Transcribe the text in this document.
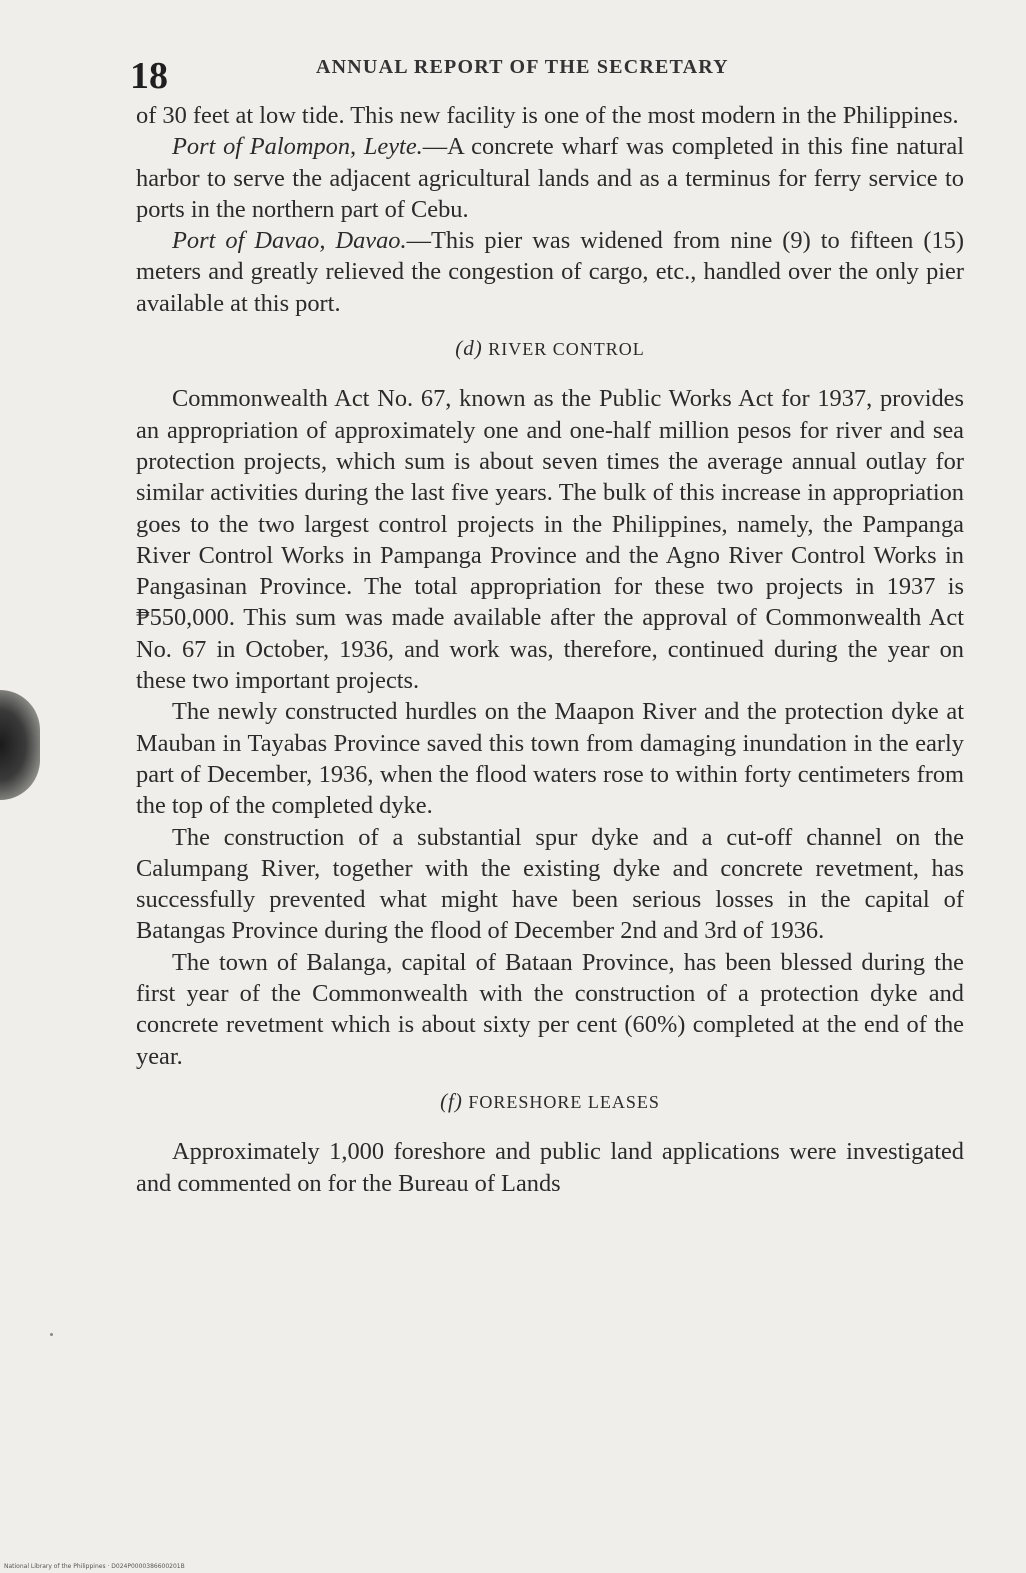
18	ANNUAL REPORT OF THE SECRETARY

of 30 feet at low tide. This new facility is one of the most modern in the Philippines.

Port of Palompon, Leyte.—A concrete wharf was completed in this fine natural harbor to serve the adjacent agricultural lands and as a terminus for ferry service to ports in the northern part of Cebu.

Port of Davao, Davao.—This pier was widened from nine (9) to fifteen (15) meters and greatly relieved the congestion of cargo, etc., handled over the only pier available at this port.

(d) RIVER CONTROL

Commonwealth Act No. 67, known as the Public Works Act for 1937, provides an appropriation of approximately one and one-half million pesos for river and sea protection projects, which sum is about seven times the average annual outlay for similar activities during the last five years. The bulk of this increase in appropriation goes to the two largest control projects in the Philippines, namely, the Pampanga River Control Works in Pampanga Province and the Agno River Control Works in Pangasinan Province. The total appropriation for these two projects in 1937 is ₱550,000. This sum was made available after the approval of Commonwealth Act No. 67 in October, 1936, and work was, therefore, continued during the year on these two important projects.

The newly constructed hurdles on the Maapon River and the protection dyke at Mauban in Tayabas Province saved this town from damaging inundation in the early part of December, 1936, when the flood waters rose to within forty centimeters from the top of the completed dyke.

The construction of a substantial spur dyke and a cut-off channel on the Calumpang River, together with the existing dyke and concrete revetment, has successfully prevented what might have been serious losses in the capital of Batangas Province during the flood of December 2nd and 3rd of 1936.

The town of Balanga, capital of Bataan Province, has been blessed during the first year of the Commonwealth with the construction of a protection dyke and concrete revetment which is about sixty per cent (60%) completed at the end of the year.

(f) FORESHORE LEASES

Approximately 1,000 foreshore and public land applications were investigated and commented on for the Bureau of Lands

National Library of the Philippines · D024P0000386600201B
